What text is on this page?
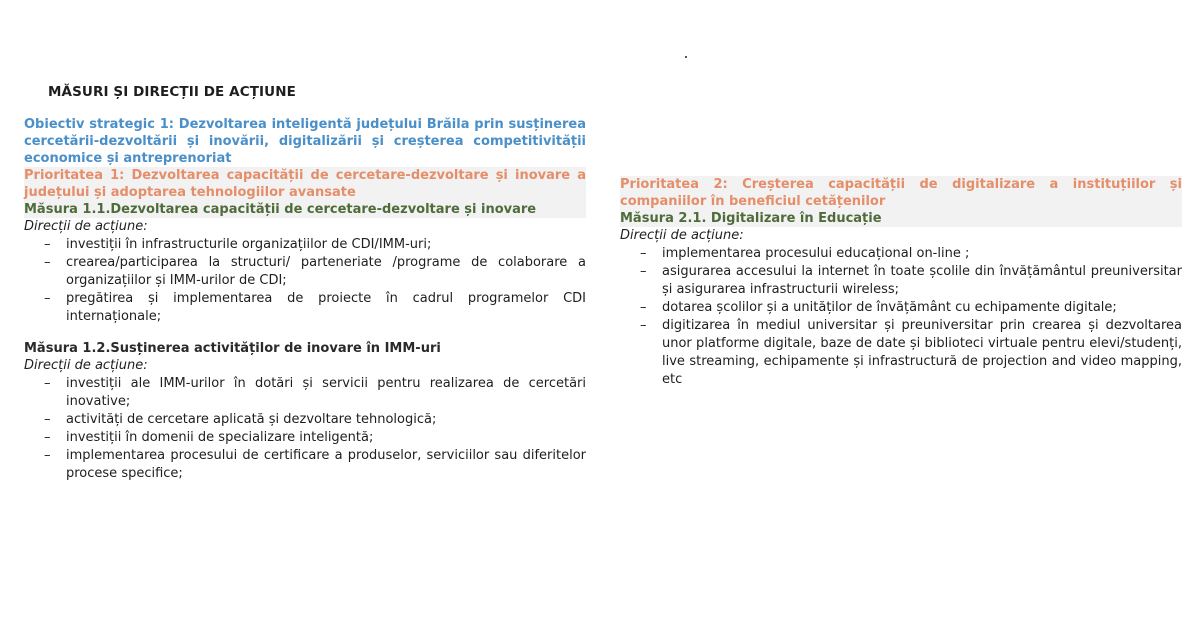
MĂSURI ȘI DIRECȚII DE ACȚIUNE
Obiectiv strategic 1: Dezvoltarea inteligentă județului Brăila prin susținerea cercetării-dezvoltării și inovării, digitalizării și creșterea competitivității economice și antreprenoriat
Prioritatea 1: Dezvoltarea capacității de cercetare-dezvoltare și inovare a județului și adoptarea tehnologiilor avansate
Măsura 1.1.Dezvoltarea capacității de cercetare-dezvoltare și inovare
Direcții de acțiune:
– investiții în infrastructurile organizațiilor de CDI/IMM-uri;
– crearea/participarea la structuri/ parteneriate /programe de colaborare a organizațiilor și IMM-urilor de CDI;
– pregătirea și implementarea de proiecte în cadrul programelor CDI internaționale;
Măsura 1.2.Susținerea activităților de inovare în IMM-uri
Direcții de acțiune:
– investiții ale IMM-urilor în dotări și servicii pentru realizarea de cercetări inovative;
– activități de cercetare aplicată și dezvoltare tehnologică;
– investiții în domenii de specializare inteligentă;
– implementarea procesului de certificare a produselor, serviciilor sau diferitelor procese specifice;
Prioritatea 2: Creșterea capacității de digitalizare a instituțiilor și companiilor în beneficiul cetățenilor
Măsura 2.1. Digitalizare în Educație
Direcții de acțiune:
– implementarea procesului educațional on-line ;
– asigurarea accesului la internet în toate școlile din învățământul preuniversitar și asigurarea infrastructurii wireless;
– dotarea școlilor și a unităților de învățământ cu echipamente digitale;
– digitizarea în mediul universitar și preuniversitar prin crearea și dezvoltarea unor platforme digitale, baze de date și biblioteci virtuale pentru elevi/studenți, live streaming, echipamente și infrastructură de projection and video mapping, etc
